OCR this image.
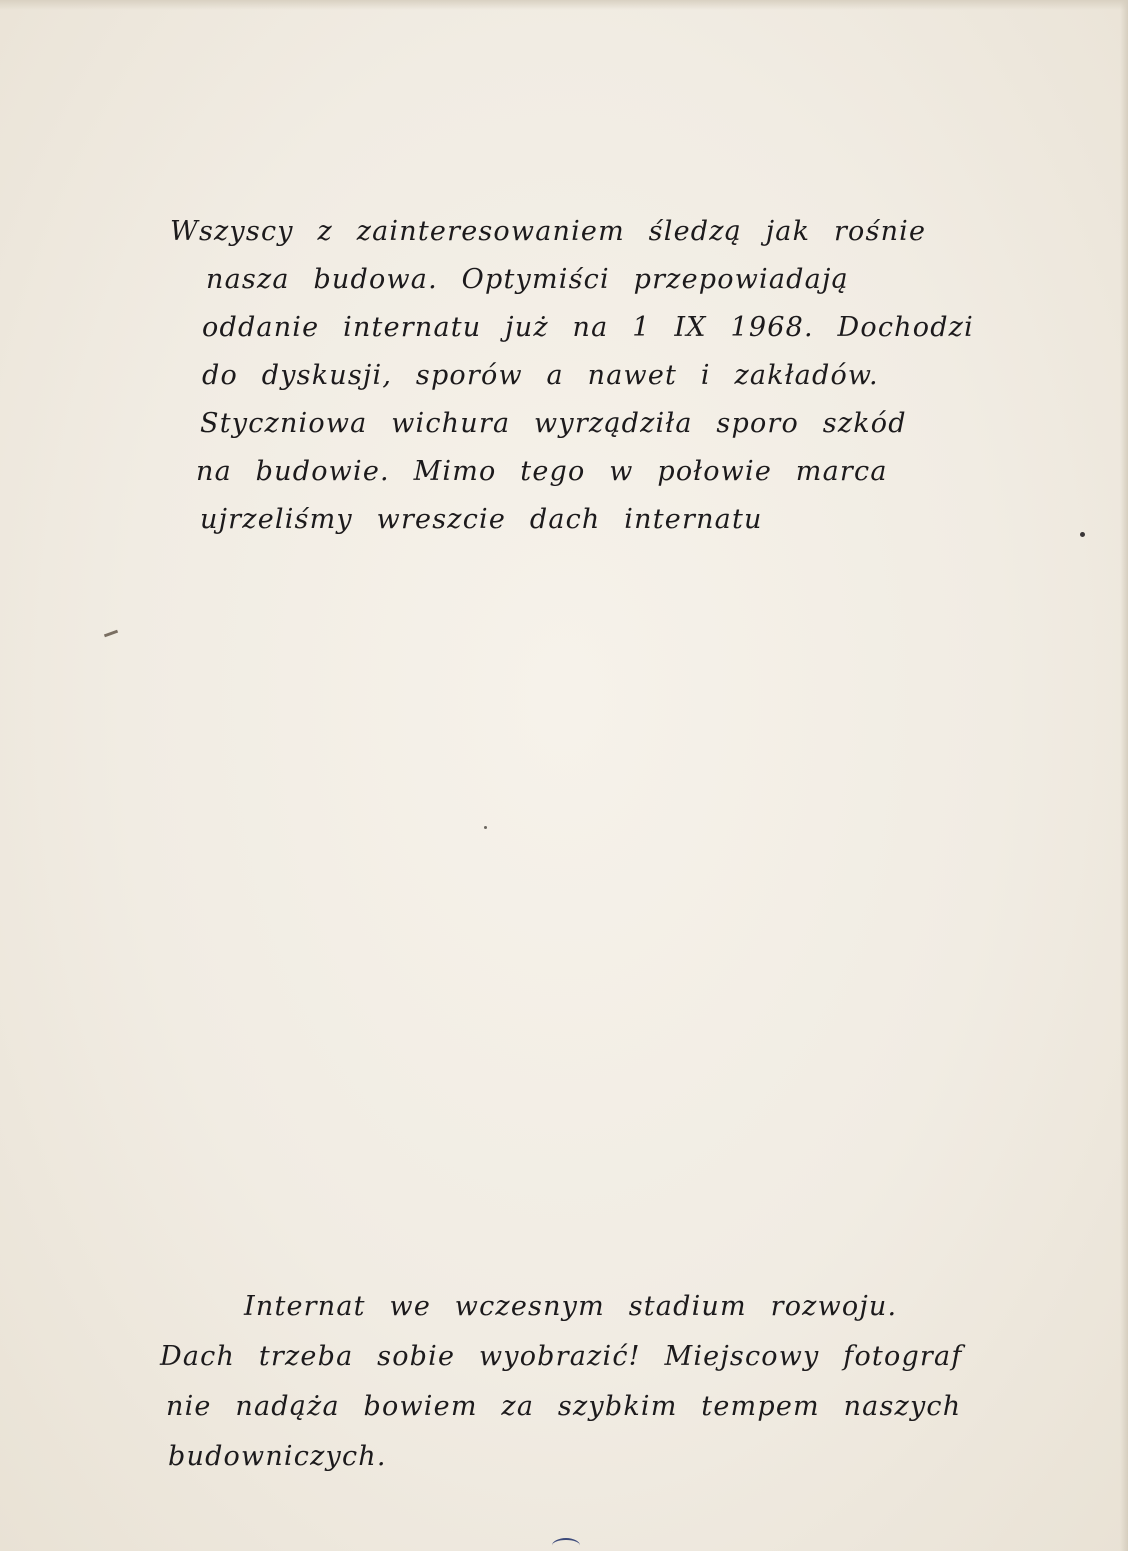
Wszyscy z zainteresowaniem śledzą jak rośnie
nasza budowa. Optymiści przepowiadają
oddanie internatu już na 1 IX 1968. Dochodzi
do dyskusji, sporów a nawet i zakładów.
Styczniowa wichura wyrządziła sporo szkód
na budowie. Mimo tego w połowie marca
ujrzeliśmy wreszcie dach internatu
Internat we wczesnym stadium rozwoju.
Dach trzeba sobie wyobrazić! Miejscowy fotograf
nie nadąża bowiem za szybkim tempem naszych
budowniczych.
